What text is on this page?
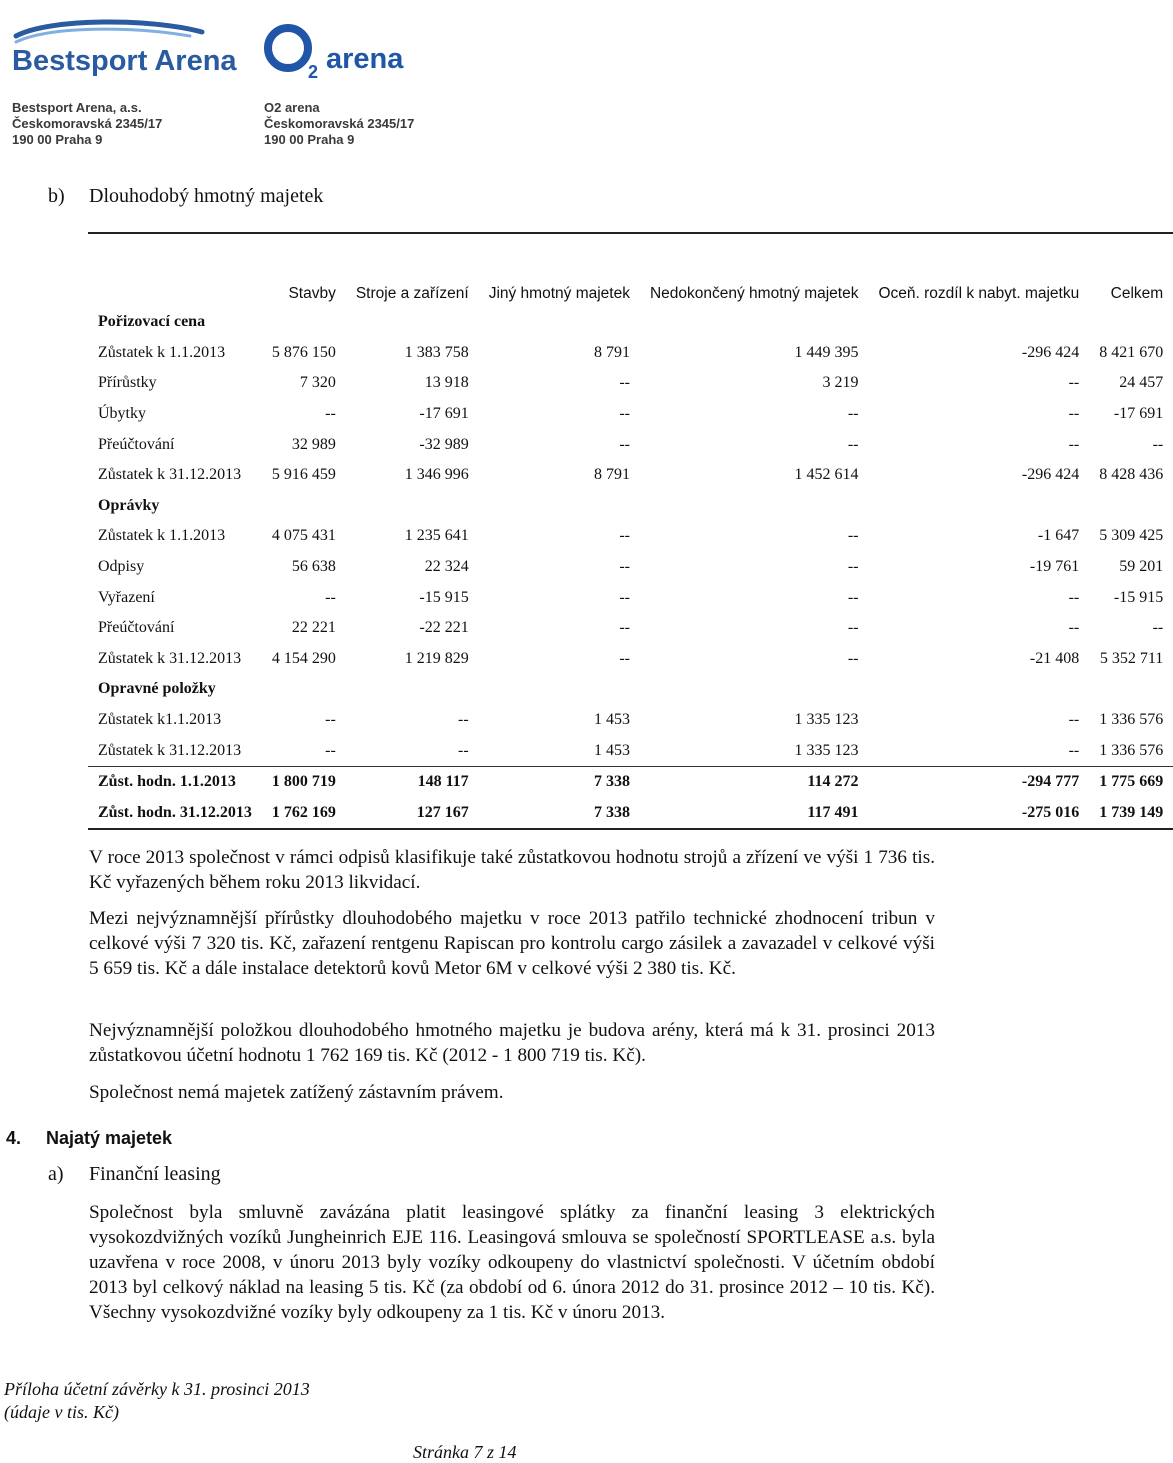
Bestsport Arena	2 arena
Bestsport Arena, a.s.
Českomoravská 2345/17
190 00 Praha 9
O2 arena
Českomoravská 2345/17
190 00 Praha 9
b) Dlouhodobý hmotný majetek
	Stavby	Stroje a zařízení	Jiný hmotný majetek	Nedokončený hmotný majetek	Oceň. rozdíl k nabyt. majetku	Celkem
Pořizovací cena						
Zůstatek k 1.1.2013	5 876 150	1 383 758	8 791	1 449 395	-296 424	8 421 670
Přírůstky	7 320	13 918	--	3 219	--	24 457
Úbytky	--	-17 691	--	--	--	-17 691
Přeúčtování	32 989	-32 989	--	--	--	--
Zůstatek k 31.12.2013	5 916 459	1 346 996	8 791	1 452 614	-296 424	8 428 436
Oprávky						
Zůstatek k 1.1.2013	4 075 431	1 235 641	--	--	-1 647	5 309 425
Odpisy	56 638	22 324	--	--	-19 761	59 201
Vyřazení	--	-15 915	--	--	--	-15 915
Přeúčtování	22 221	-22 221	--	--	--	--
Zůstatek k 31.12.2013	4 154 290	1 219 829	--	--	-21 408	5 352 711
Opravné položky						
Zůstatek k1.1.2013	--	--	1 453	1 335 123	--	1 336 576
Zůstatek k 31.12.2013	--	--	1 453	1 335 123	--	1 336 576
Zůst. hodn. 1.1.2013	1 800 719	148 117	7 338	114 272	-294 777	1 775 669
Zůst. hodn. 31.12.2013	1 762 169	127 167	7 338	117 491	-275 016	1 739 149
V roce 2013 společnost v rámci odpisů klasifikuje také zůstatkovou hodnotu strojů a zřízení ve výši 1 736 tis. Kč vyřazených během roku 2013 likvidací.
Mezi nejvýznamnější přírůstky dlouhodobého majetku v roce 2013 patřilo technické zhodnocení tribun v celkové výši 7 320 tis. Kč, zařazení rentgenu Rapiscan pro kontrolu cargo zásilek a zavazadel v celkové výši 5 659 tis. Kč a dále instalace detektorů kovů Metor 6M v celkové výši 2 380 tis. Kč.
Nejvýznamnější položkou dlouhodobého hmotného majetku je budova arény, která má k 31. prosinci 2013 zůstatkovou účetní hodnotu 1 762 169 tis. Kč (2012 - 1 800 719 tis. Kč).
Společnost nemá majetek zatížený zástavním právem.
4. Najatý majetek
a) Finanční leasing
Společnost byla smluvně zavázána platit leasingové splátky za finanční leasing 3 elektrických vysokozdvižných vozíků Jungheinrich EJE 116. Leasingová smlouva se společností SPORTLEASE a.s. byla uzavřena v roce 2008, v únoru 2013 byly vozíky odkoupeny do vlastnictví společnosti. V účetním období 2013 byl celkový náklad na leasing 5 tis. Kč (za období od 6. února 2012 do 31. prosince 2012 – 10 tis. Kč). Všechny vysokozdvižné vozíky byly odkoupeny za 1 tis. Kč v únoru 2013.
Příloha účetní závěrky k 31. prosinci 2013
(údaje v tis. Kč)
Stránka 7 z 14
